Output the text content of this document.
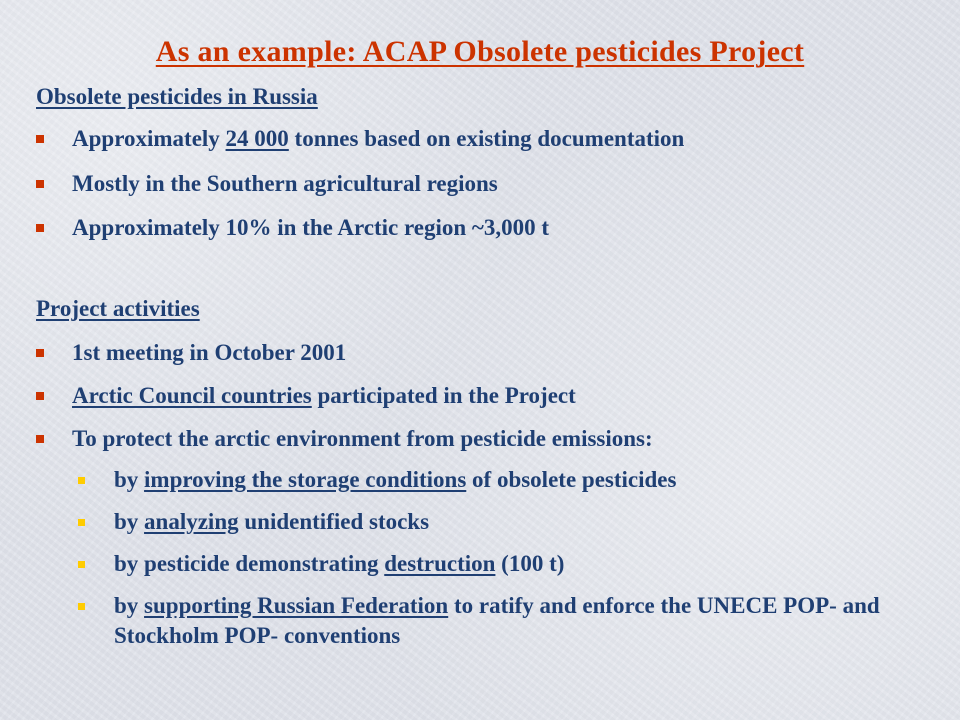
As an example: ACAP Obsolete pesticides Project
Obsolete pesticides in Russia
Approximately 24 000 tonnes based on existing documentation
Mostly in the Southern agricultural regions
Approximately 10% in the Arctic region ~3,000 t
Project activities
1st meeting in October 2001
Arctic Council countries participated in the Project
To protect the arctic environment from pesticide emissions:
by improving the storage conditions of obsolete pesticides
by analyzing unidentified stocks
by pesticide demonstrating destruction (100 t)
by supporting Russian Federation to ratify and enforce the UNECE POP- and Stockholm POP- conventions
